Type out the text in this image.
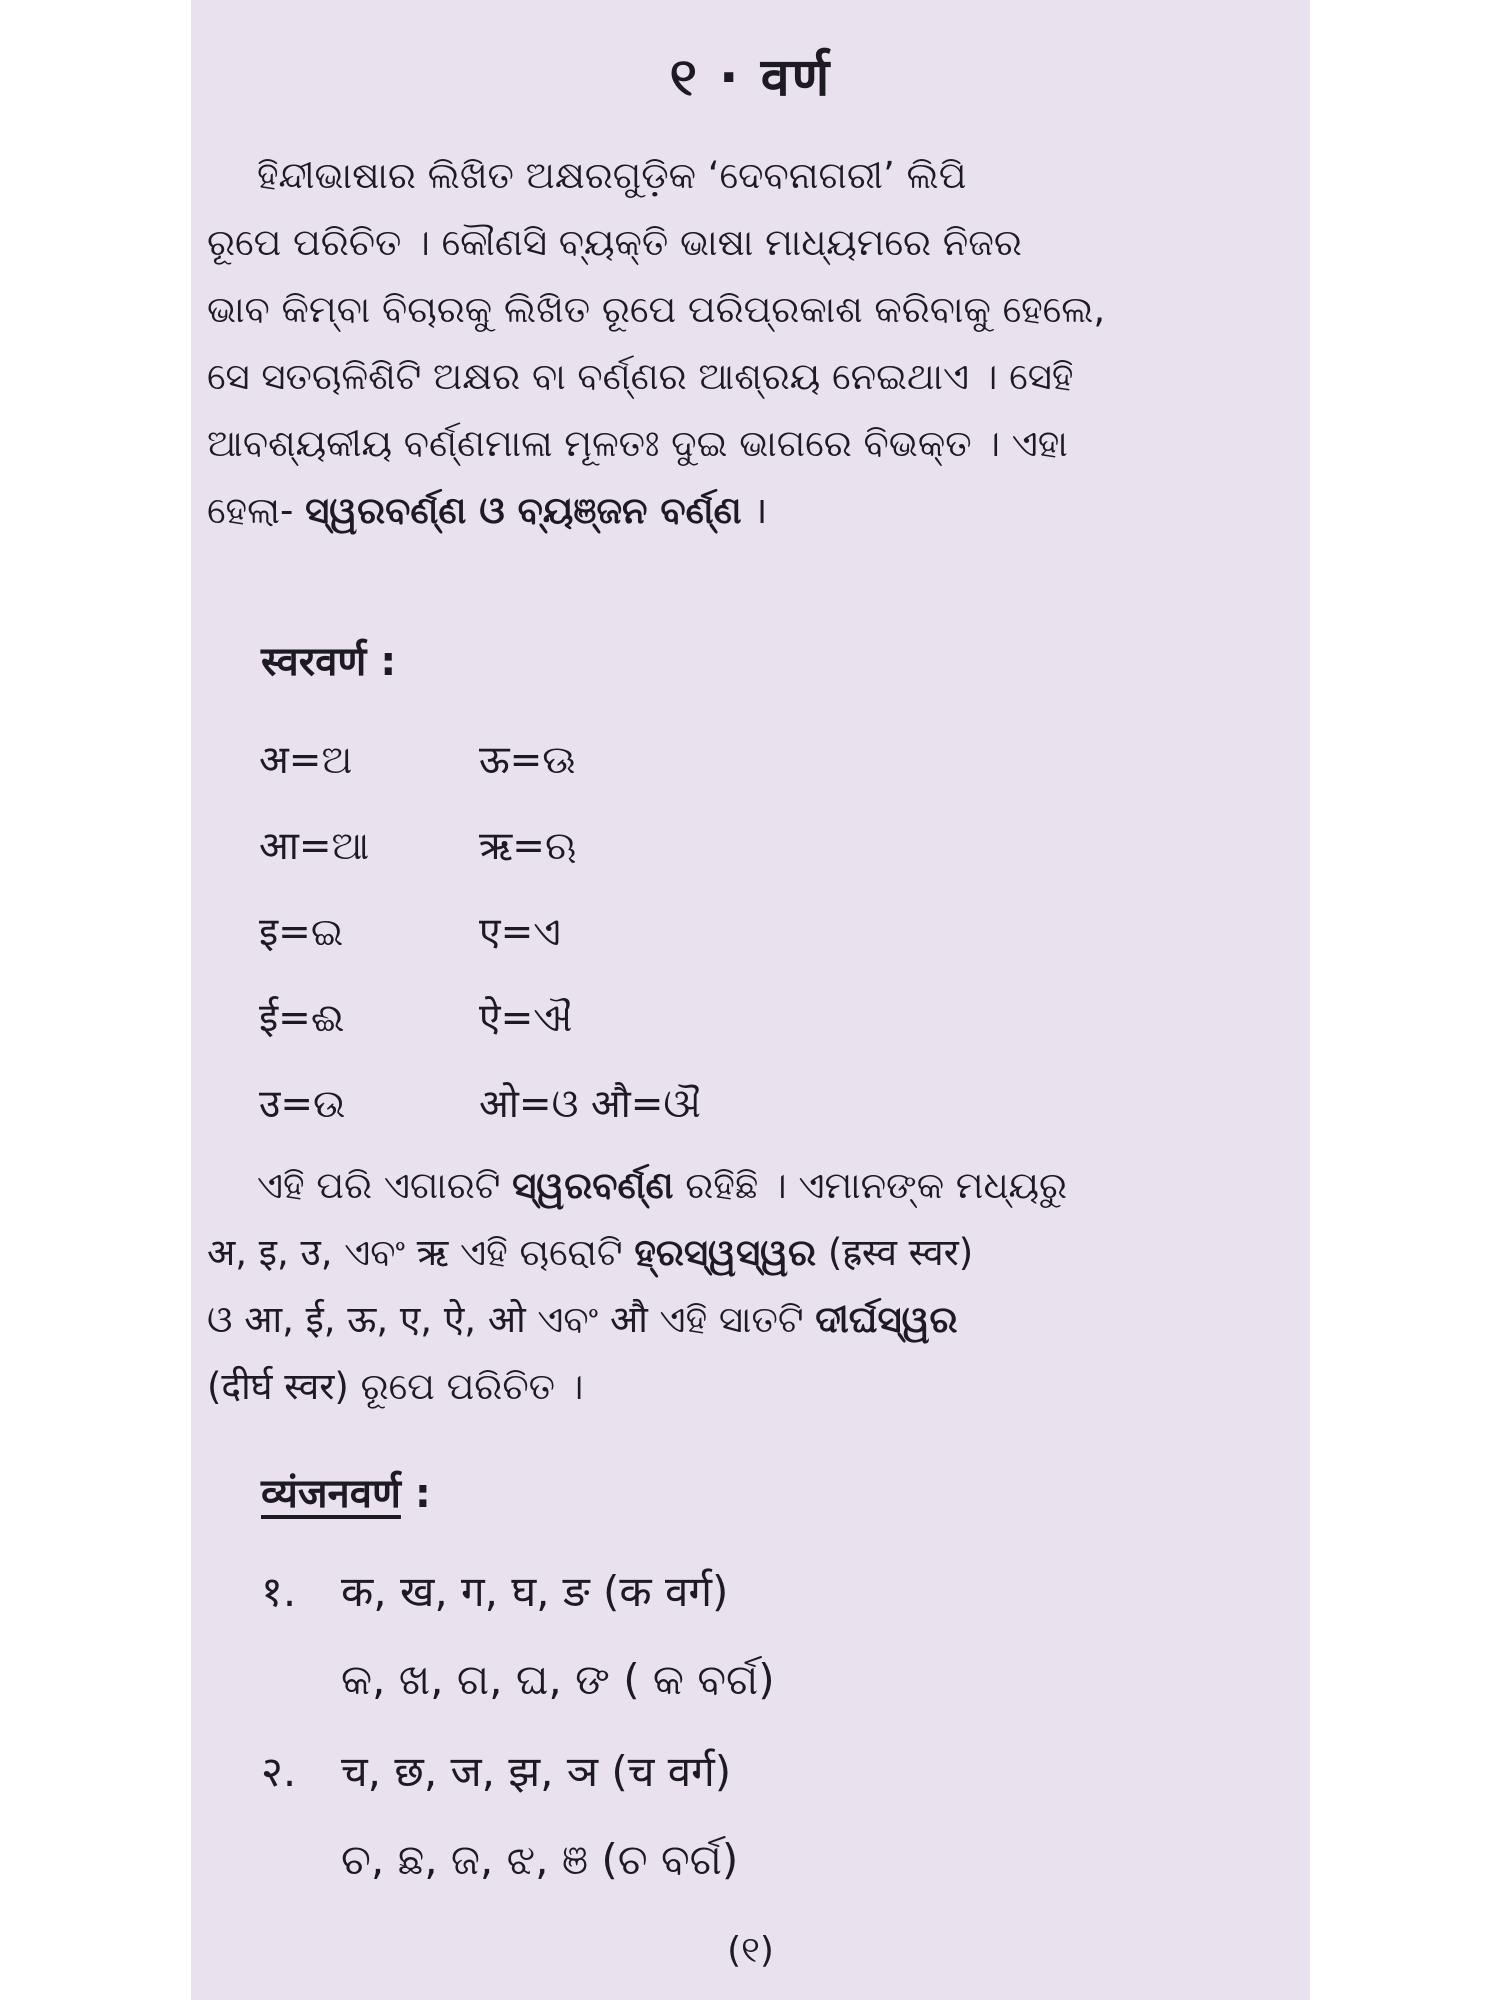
୧ · वर्ण

ହିନ୍ଦୀଭାଷାର ଲିଖିତ ଅକ୍ଷରଗୁଡ଼ିକ ‘ଦେବନାଗରୀ’ ଲିପି

ରୂପେ ପରିଚିତ । କୌଣସି ବ୍ୟକ୍ତି ଭାଷା ମାଧ୍ୟମରେ ନିଜର

ଭାବ କିମ୍ବା ବିଚାରକୁ ଲିଖିତ ରୂପେ ପରିପ୍ରକାଶ କରିବାକୁ ହେଲେ,

ସେ ସତଚାଳିଶିଟି ଅକ୍ଷର ବା ବର୍ଣ୍ଣର ଆଶ୍ରୟ ନେଇଥାଏ । ସେହି

ଆବଶ୍ୟକୀୟ ବର୍ଣ୍ଣମାଳା ମୂଳତଃ ଦୁଇ ଭାଗରେ ବିଭକ୍ତ । ଏହା

ହେଲା- ସ୍ୱରବର୍ଣ୍ଣ ଓ ବ୍ୟଞ୍ଜନ ବର୍ଣ୍ଣ ।

स्वरवर्ण :
अ=ଅ	ऊ=ଊ
आ=ଆ	ऋ=ଋ
इ=ଇ	ए=ଏ
ई=ଈ	ऐ=ଐ
उ=ଉ	ओ=ଓ औ=ଔ

ଏହି ପରି ଏଗାରଟି ସ୍ୱରବର୍ଣ୍ଣ ରହିଛି । ଏମାନଙ୍କ ମଧ୍ୟରୁ

अ, इ, उ, ଏବଂ ऋ ଏହି ଚାରୋଟି ହ୍ରସ୍ୱସ୍ୱର (ह्रस्व स्वर)

ଓ आ, ई, ऊ, ए, ऐ, ओ ଏବଂ औ ଏହି ସାତଟି ଦୀର୍ଘସ୍ୱର

(दीर्घ स्वर) ରୂପେ ପରିଚିତ ।

व्यंजनवर्ण :
१.	क, ख, ग, घ, ङ (क वर्ग)
କ, ଖ, ଗ, ଘ, ଙ ( କ ବର୍ଗ)
२.	च, छ, ज, झ, ञ (च वर्ग)
ଚ, ଛ, ଜ, ଝ, ଞ (ଚ ବର୍ଗ)
(୧)
